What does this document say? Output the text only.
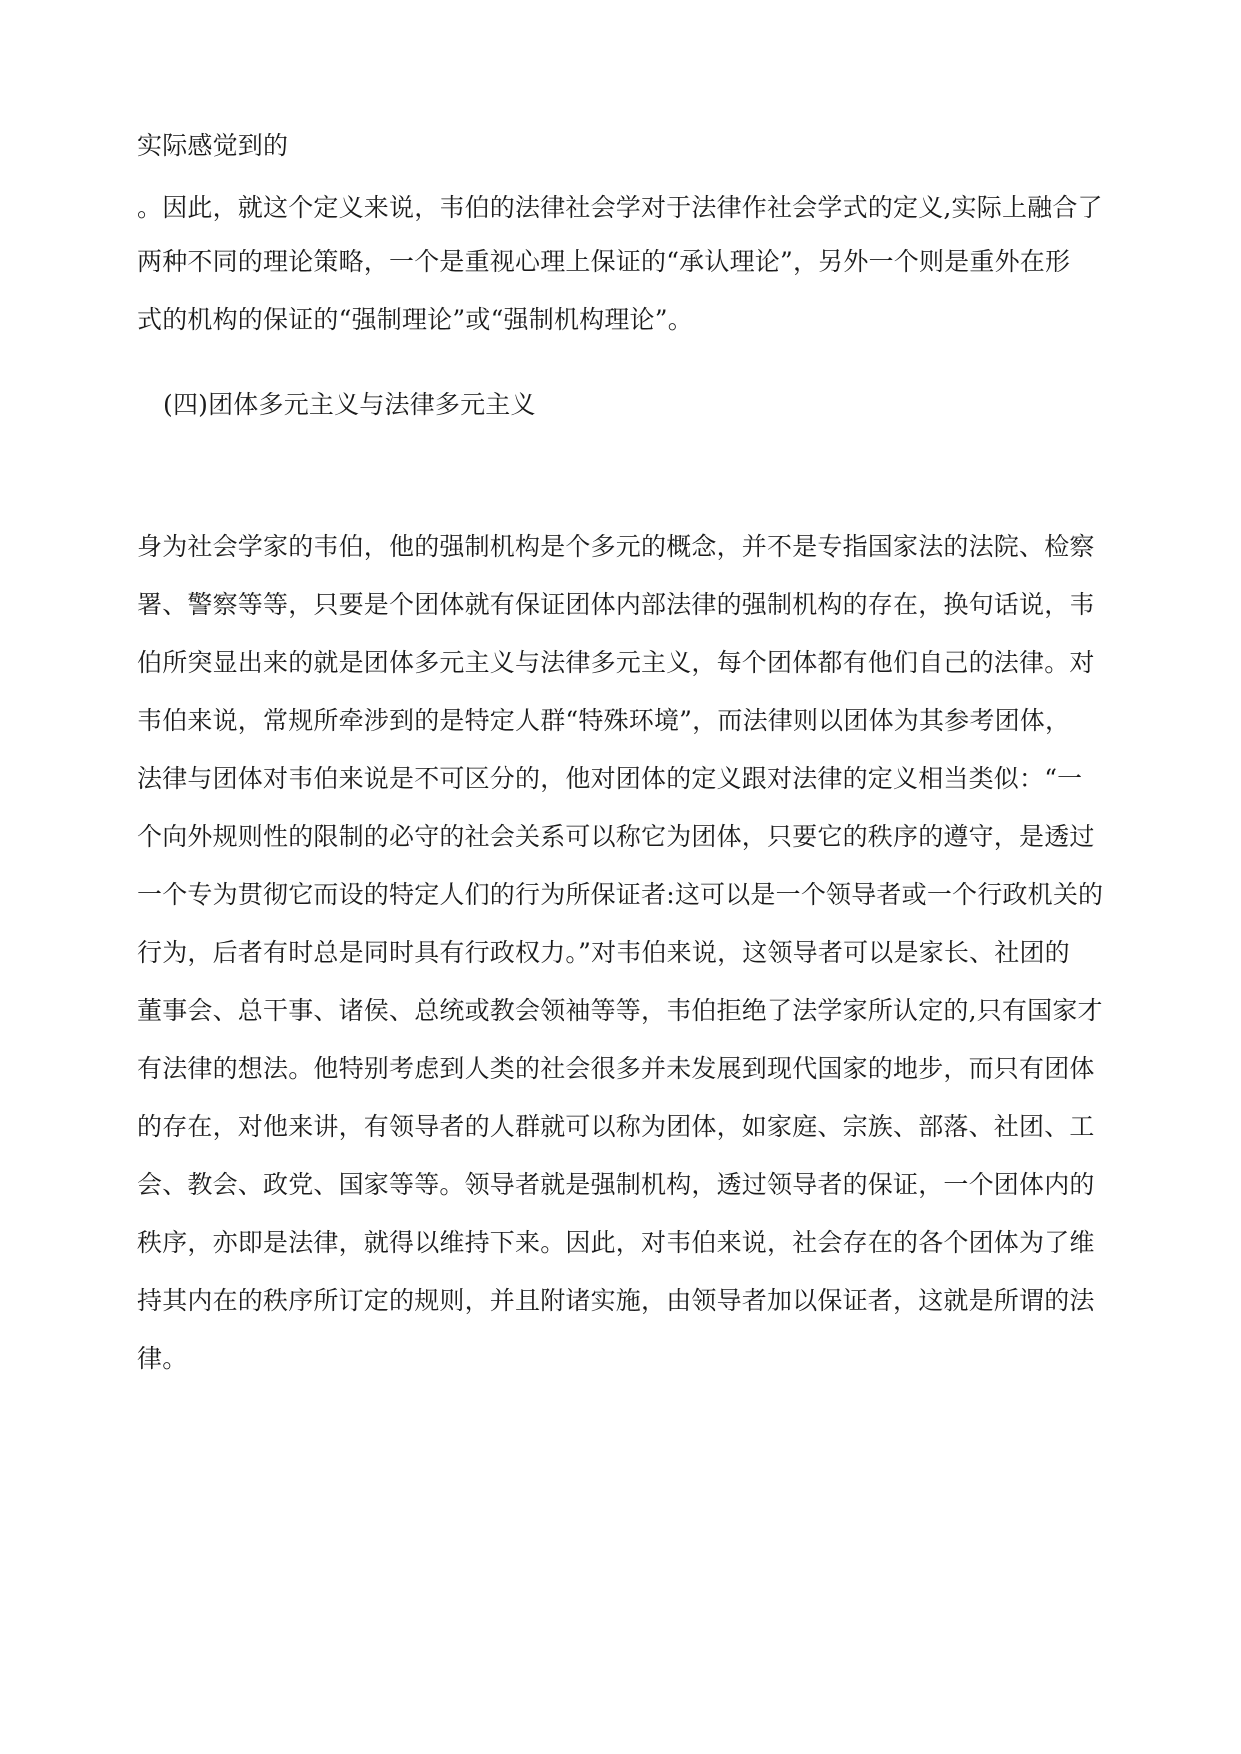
实际感觉到的
。因此，就这个定义来说，韦伯的法律社会学对于法律作社会学式的定义,实际上融合了
两种不同的理论策略，一个是重视心理上保证的“承认理论”，另外一个则是重外在形
式的机构的保证的“强制理论”或“强制机构理论”。
(四)团体多元主义与法律多元主义
身为社会学家的韦伯，他的强制机构是个多元的概念，并不是专指国家法的法院、检察
署、警察等等，只要是个团体就有保证团体内部法律的强制机构的存在，换句话说，韦
伯所突显出来的就是团体多元主义与法律多元主义，每个团体都有他们自己的法律。对
韦伯来说，常规所牵涉到的是特定人群“特殊环境”，而法律则以团体为其参考团体，
法律与团体对韦伯来说是不可区分的，他对团体的定义跟对法律的定义相当类似：“一
个向外规则性的限制的必守的社会关系可以称它为团体，只要它的秩序的遵守，是透过
一个专为贯彻它而设的特定人们的行为所保证者:这可以是一个领导者或一个行政机关的
行为，后者有时总是同时具有行政权力。”对韦伯来说，这领导者可以是家长、社团的
董事会、总干事、诸侯、总统或教会领袖等等，韦伯拒绝了法学家所认定的,只有国家才
有法律的想法。他特别考虑到人类的社会很多并未发展到现代国家的地步，而只有团体
的存在，对他来讲，有领导者的人群就可以称为团体，如家庭、宗族、部落、社团、工
会、教会、政党、国家等等。领导者就是强制机构，透过领导者的保证，一个团体内的
秩序，亦即是法律，就得以维持下来。因此，对韦伯来说，社会存在的各个团体为了维
持其内在的秩序所订定的规则，并且附诸实施，由领导者加以保证者，这就是所谓的法
律。
